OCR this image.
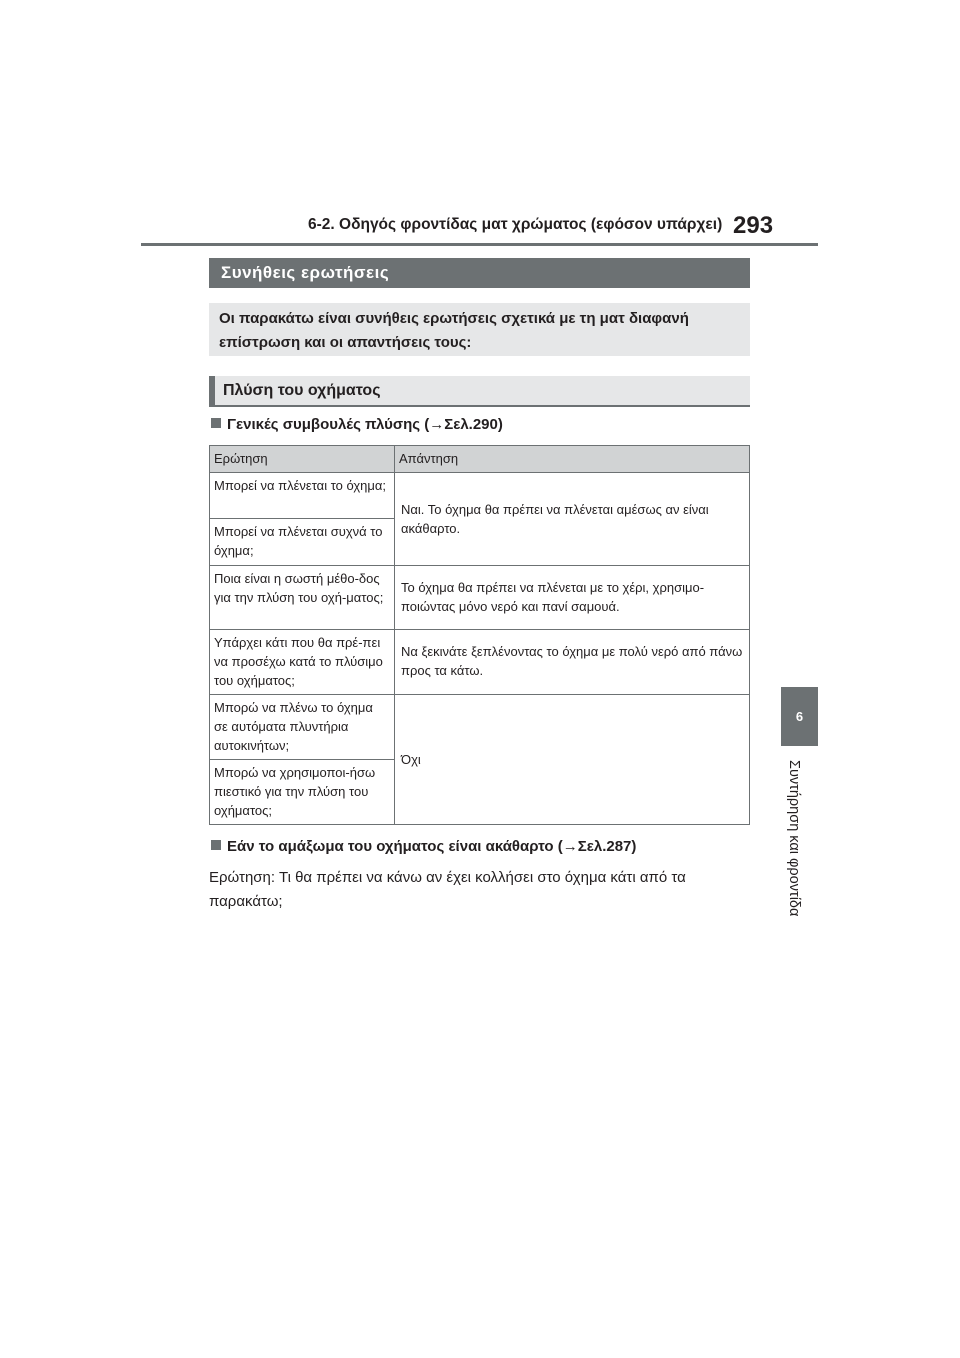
6-2. Οδηγός φροντίδας ματ χρώματος (εφόσον υπάρχει) 293
6
Συντήρηση και φροντίδα
Συνήθεις ερωτήσεις
Οι παρακάτω είναι συνήθεις ερωτήσεις σχετικά με τη ματ διαφανή επίστρωση και οι απαντήσεις τους:
Πλύση του οχήματος
Γενικές συμβουλές πλύσης (→Σελ.290)
Ερώτηση	Απάντηση
Μπορεί να πλένεται το όχημα;	Ναι. Το όχημα θα πρέπει να πλένεται αμέσως αν είναι ακάθαρτο.
Μπορεί να πλένεται συχνά το όχημα;	
Ποια είναι η σωστή μέθο-δος για την πλύση του οχή-ματος;	Το όχημα θα πρέπει να πλένεται με το χέρι, χρησιμο-ποιώντας μόνο νερό και πανί σαμουά.
Υπάρχει κάτι που θα πρέ-πει να προσέχω κατά το πλύσιμο του οχήματος;	Να ξεκινάτε ξεπλένοντας το όχημα με πολύ νερό από πάνω προς τα κάτω.
Μπορώ να πλένω το όχημα σε αυτόματα πλυντήρια αυτοκινήτων;	Όχι
Μπορώ να χρησιμοποι-ήσω πιεστικό για την πλύση του οχήματος;	
Εάν το αμάξωμα του οχήματος είναι ακάθαρτο (→Σελ.287)
Ερώτηση: Τι θα πρέπει να κάνω αν έχει κολλήσει στο όχημα κάτι από τα παρακάτω;
